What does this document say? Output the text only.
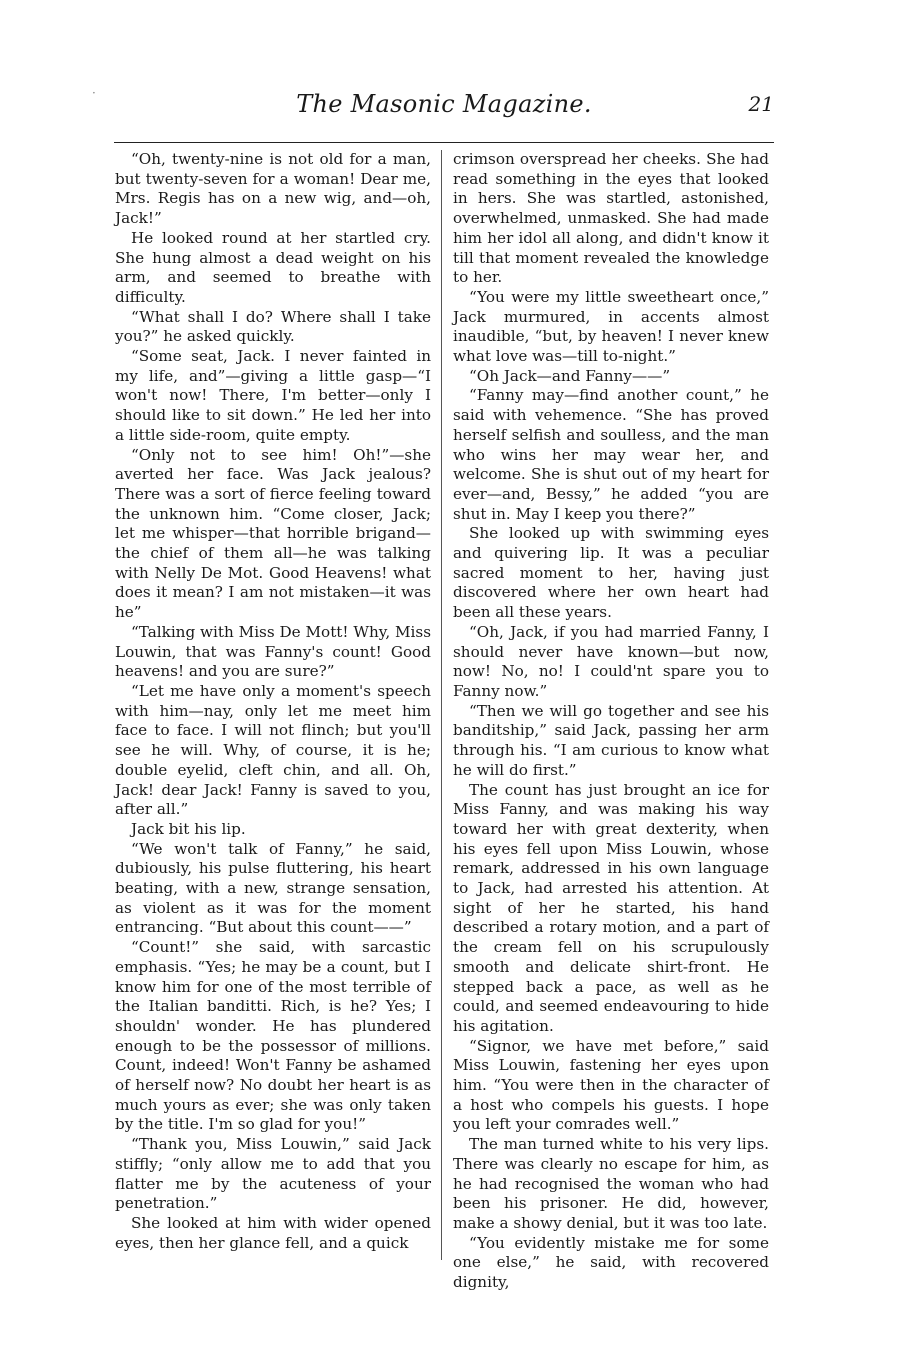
·	The Masonic Magazine.	21

“Oh, twenty-nine is not old for a man, but twenty-seven for a woman! Dear me, Mrs. Regis has on a new wig, and—oh, Jack!”

He looked round at her startled cry. She hung almost a dead weight on his arm, and seemed to breathe with difficulty.

“What shall I do? Where shall I take you?” he asked quickly.

“Some seat, Jack. I never fainted in my life, and”—giving a little gasp—“I won't now! There, I'm better—only I should like to sit down.” He led her into a little side-room, quite empty.

“Only not to see him! Oh!”—she averted her face. Was Jack jealous? There was a sort of fierce feeling toward the unknown him. “Come closer, Jack; let me whisper—that horrible brigand—the chief of them all—he was talking with Nelly De Mot. Good Heavens! what does it mean? I am not mistaken—it was he”

“Talking with Miss De Mott! Why, Miss Louwin, that was Fanny's count! Good heavens! and you are sure?”

“Let me have only a moment's speech with him—nay, only let me meet him face to face. I will not flinch; but you'll see he will. Why, of course, it is he; double eyelid, cleft chin, and all. Oh, Jack! dear Jack! Fanny is saved to you, after all.”

Jack bit his lip.

“We won't talk of Fanny,” he said, dubiously, his pulse fluttering, his heart beating, with a new, strange sensation, as violent as it was for the moment entrancing. “But about this count——”

“Count!” she said, with sarcastic emphasis. “Yes; he may be a count, but I know him for one of the most terrible of the Italian banditti. Rich, is he? Yes; I shouldn' wonder. He has plundered enough to be the possessor of millions. Count, indeed! Won't Fanny be ashamed of herself now? No doubt her heart is as much yours as ever; she was only taken by the title. I'm so glad for you!”

“Thank you, Miss Louwin,” said Jack stiffly; “only allow me to add that you flatter me by the acuteness of your penetration.”

She looked at him with wider opened eyes, then her glance fell, and a quick

crimson overspread her cheeks. She had read something in the eyes that looked in hers. She was startled, astonished, overwhelmed, unmasked. She had made him her idol all along, and didn't know it till that moment revealed the knowledge to her.

“You were my little sweetheart once,” Jack murmured, in accents almost inaudible, “but, by heaven! I never knew what love was—till to-night.”

“Oh Jack—and Fanny——”

“Fanny may—find another count,” he said with vehemence. “She has proved herself selfish and soulless, and the man who wins her may wear her, and welcome. She is shut out of my heart for ever—and, Bessy,” he added “you are shut in. May I keep you there?”

She looked up with swimming eyes and quivering lip. It was a peculiar sacred moment to her, having just discovered where her own heart had been all these years.

“Oh, Jack, if you had married Fanny, I should never have known—but now, now! No, no! I could'nt spare you to Fanny now.”

“Then we will go together and see his banditship,” said Jack, passing her arm through his. “I am curious to know what he will do first.”

The count has just brought an ice for Miss Fanny, and was making his way toward her with great dexterity, when his eyes fell upon Miss Louwin, whose remark, addressed in his own language to Jack, had arrested his attention. At sight of her he started, his hand described a rotary motion, and a part of the cream fell on his scrupulously smooth and delicate shirt-front. He stepped back a pace, as well as he could, and seemed endeavouring to hide his agitation.

“Signor, we have met before,” said Miss Louwin, fastening her eyes upon him. “You were then in the character of a host who compels his guests. I hope you left your comrades well.”

The man turned white to his very lips. There was clearly no escape for him, as he had recognised the woman who had been his prisoner. He did, however, make a showy denial, but it was too late.

“You evidently mistake me for some one else,” he said, with recovered dignity,
